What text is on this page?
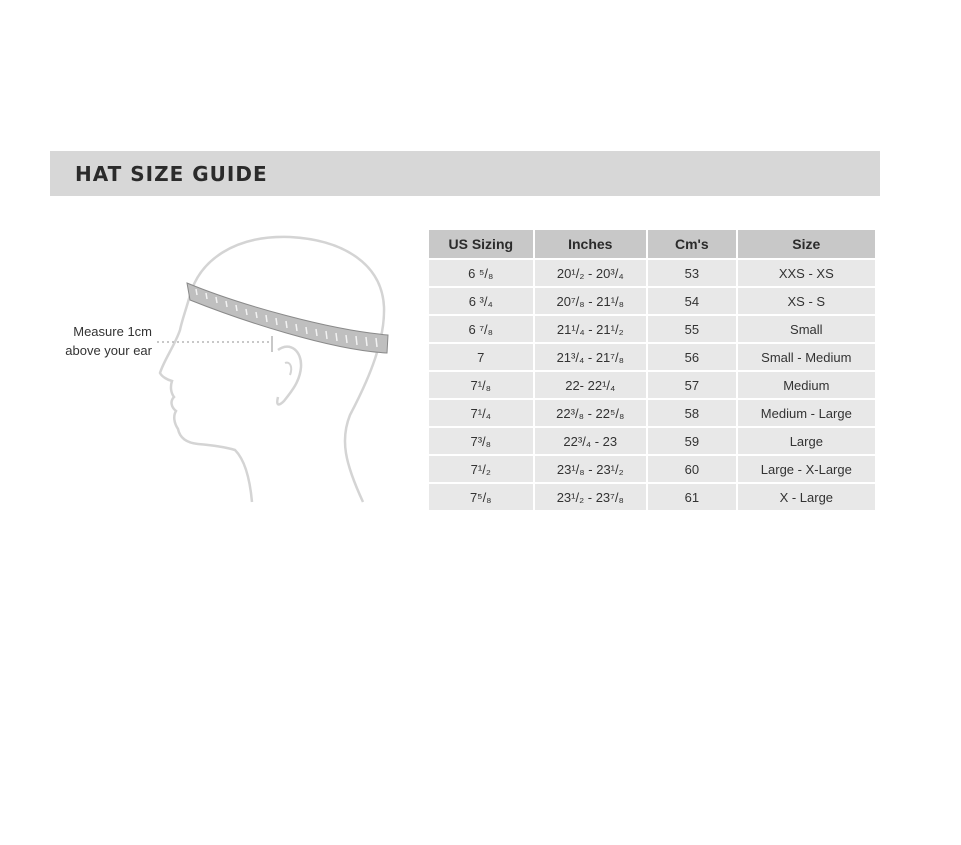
HAT SIZE GUIDE
Measure 1cm
above your ear
US Sizing	Inches	Cm's	Size
6 ⁵/₈	20¹/₂ - 20³/₄	53	XXS - XS
6 ³/₄	20⁷/₈ - 21¹/₈	54	XS - S
6 ⁷/₈	21¹/₄ - 21¹/₂	55	Small
7	21³/₄ - 21⁷/₈	56	Small - Medium
7¹/₈	22- 22¹/₄	57	Medium
7¹/₄	22³/₈ - 22⁵/₈	58	Medium - Large
7³/₈	22³/₄ - 23	59	Large
7¹/₂	23¹/₈ - 23¹/₂	60	Large - X-Large
7⁵/₈	23¹/₂ - 23⁷/₈	61	X - Large
